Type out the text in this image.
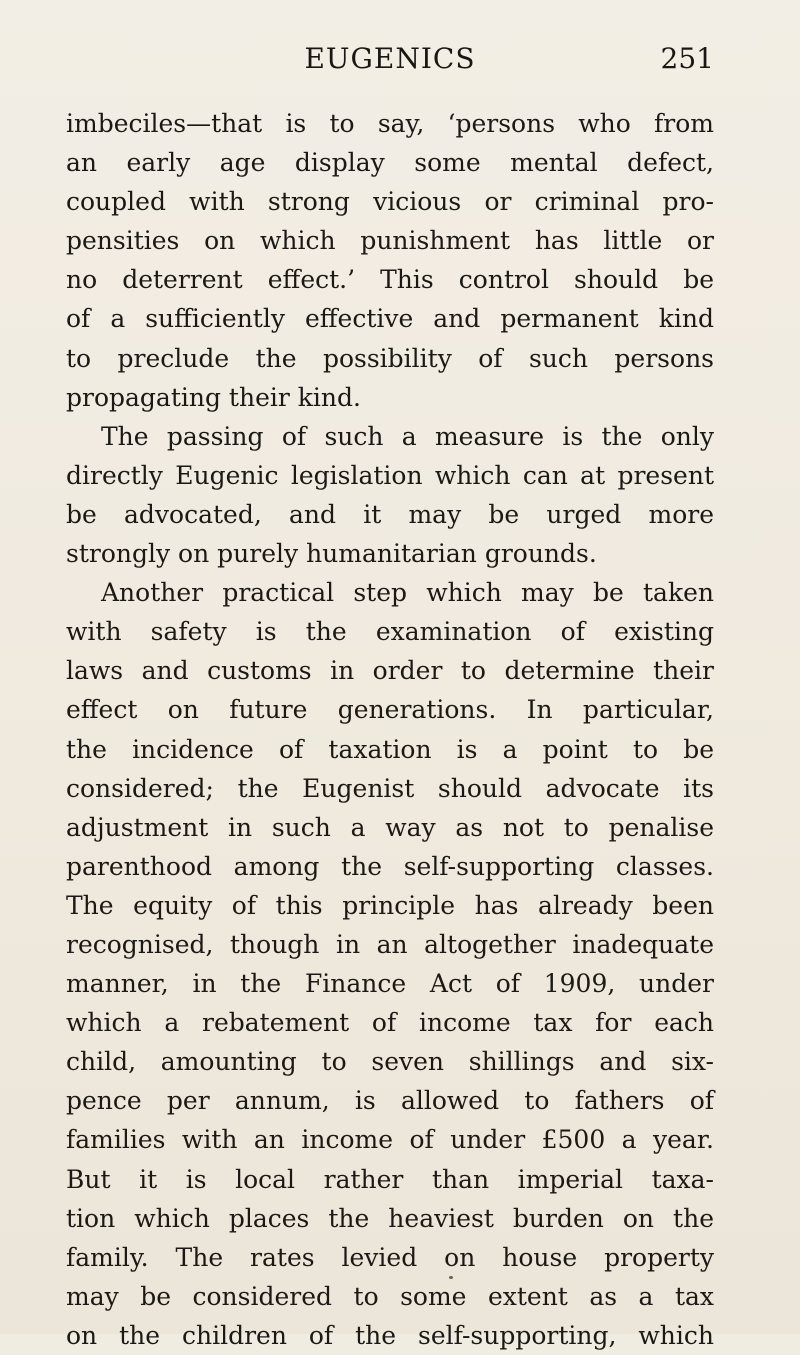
EUGENICS	251
imbeciles—that is to say, ‘persons who from
an early age display some mental defect,
coupled with strong vicious or criminal pro-
pensities on which punishment has little or
no deterrent effect.’ This control should be
of a sufficiently effective and permanent kind
to preclude the possibility of such persons
propagating their kind.
The passing of such a measure is the only
directly Eugenic legislation which can at present
be advocated, and it may be urged more
strongly on purely humanitarian grounds.
Another practical step which may be taken
with safety is the examination of existing
laws and customs in order to determine their
effect on future generations. In particular,
the incidence of taxation is a point to be
considered; the Eugenist should advocate its
adjustment in such a way as not to penalise
parenthood among the self-supporting classes.
The equity of this principle has already been
recognised, though in an altogether inadequate
manner, in the Finance Act of 1909, under
which a rebatement of income tax for each
child, amounting to seven shillings and six-
pence per annum, is allowed to fathers of
families with an income of under £500 a year.
But it is local rather than imperial taxa-
tion which places the heaviest burden on the
family. The rates levied on house property
may be considered to some extent as a tax
on the children of the self-supporting, which
